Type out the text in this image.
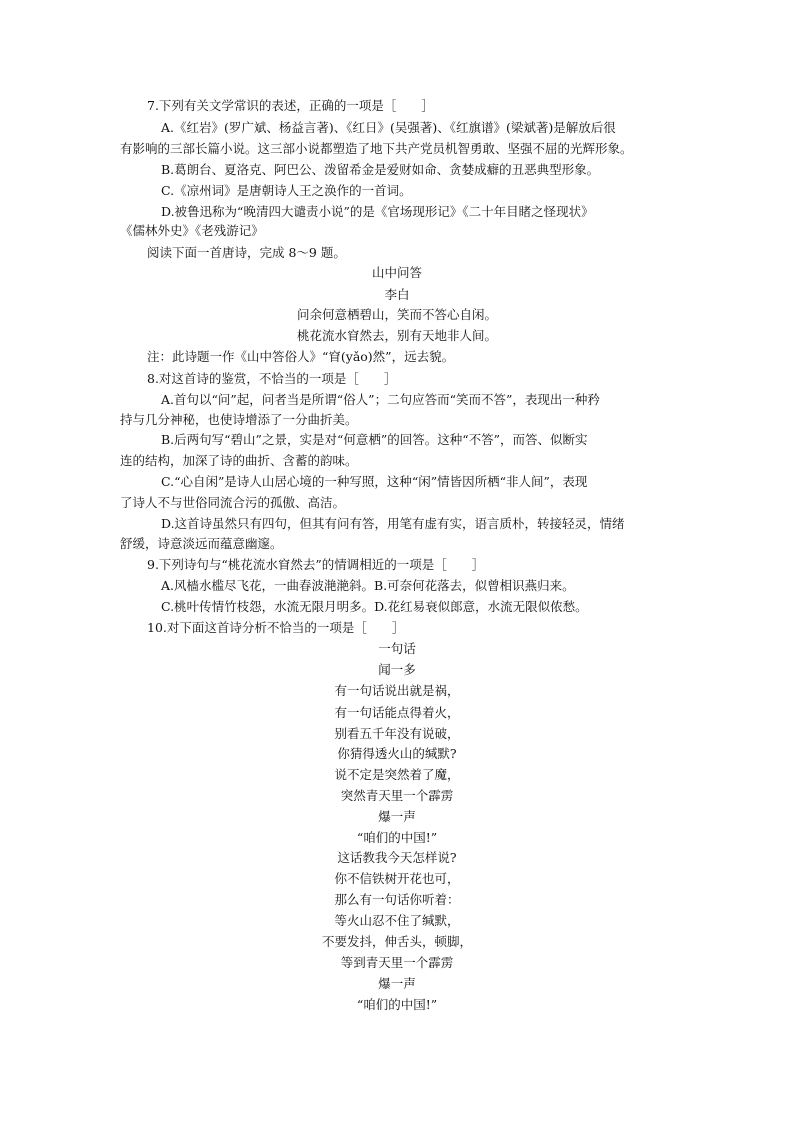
7.下列有关文学常识的表述，正确的一项是［　　］
A.《红岩》(罗广斌、杨益言著)、《红日》(吴强著)、《红旗谱》(梁斌著)是解放后很
有影响的三部长篇小说。这三部小说都塑造了地下共产党员机智勇敢、坚强不屈的光辉形象。
B.葛朗台、夏洛克、阿巴公、泼留希金是爱财如命、贪婪成癖的丑恶典型形象。
C.《凉州词》是唐朝诗人王之涣作的一首词。
D.被鲁迅称为“晚清四大谴责小说”的是《官场现形记》《二十年目睹之怪现状》
《儒林外史》《老残游记》
阅读下面一首唐诗，完成 8～9 题。
山中问答
李白
问余何意栖碧山，笑而不答心自闲。
桃花流水窅然去，别有天地非人间。
注：此诗题一作《山中答俗人》“窅(yǎo)然”，远去貌。
8.对这首诗的鉴赏，不恰当的一项是［　　］
A.首句以“问”起，问者当是所谓“俗人”；二句应答而“笑而不答”，表现出一种矜
持与几分神秘，也使诗增添了一分曲折美。
B.后两句写“碧山”之景，实是对“何意栖”的回答。这种“不答”，而答、似断实
连的结构，加深了诗的曲折、含蓄的韵味。
C.“心自闲”是诗人山居心境的一种写照，这种“闲”情皆因所栖“非人间”，表现
了诗人不与世俗同流合污的孤傲、高洁。
D.这首诗虽然只有四句，但其有问有答，用笔有虚有实，语言质朴，转接轻灵，情绪
舒缓，诗意淡远而蕴意幽邃。
9.下列诗句与“桃花流水窅然去”的情调相近的一项是［　　］
A.风樯水槛尽飞花，一曲春波滟滟斜。B.可奈何花落去，似曾相识燕归来。
C.桃叶传情竹枝怨，水流无限月明多。D.花红易衰似郎意，水流无限似侬愁。
10.对下面这首诗分析不恰当的一项是［　　］
一句话
闻一多
有一句话说出就是祸，
有一句话能点得着火，
别看五千年没有说破，
你猜得透火山的缄默?
说不定是突然着了魔，
突然青天里一个霹雳
爆一声
“咱们的中国!”
这话教我今天怎样说?
你不信铁树开花也可，
那么有一句话你听着：
等火山忍不住了缄默，
不要发抖，伸舌头，顿脚，
等到青天里一个霹雳
爆一声
“咱们的中国!”
